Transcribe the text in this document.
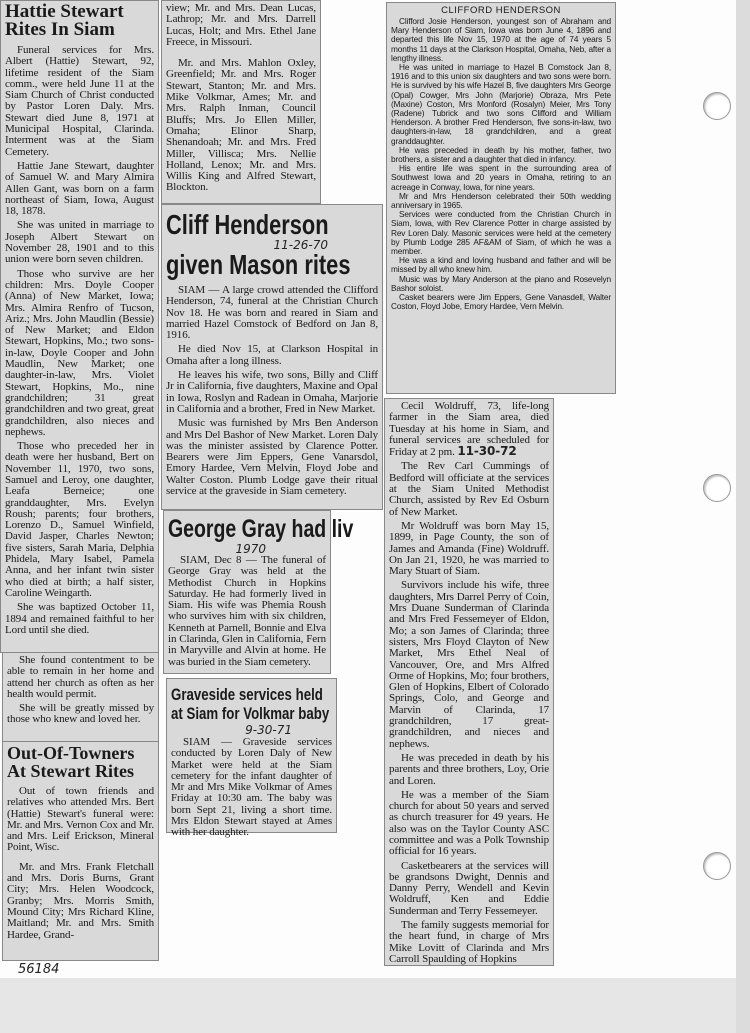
Hattie Stewart
Rites In Siam

Funeral services for Mrs. Albert (Hattie) Stewart, 92, lifetime resident of the Siam comm., were held June 11 at the Siam Church of Christ conducted by Pastor Loren Daly. Mrs. Stewart died June 8, 1971 at Municipal Hospital, Clarinda. Interment was at the Siam Cemetery.

Hattie Jane Stewart, daughter of Samuel W. and Mary Almira Allen Gant, was born on a farm northeast of Siam, Iowa, August 18, 1878.

She was united in marriage to Joseph Albert Stewart on November 28, 1901 and to this union were born seven children.

Those who survive are her children: Mrs. Doyle Cooper (Anna) of New Market, Iowa; Mrs. Almira Renfro of Tucson, Ariz.; Mrs. John Maudlin (Bessie) of New Market; and Eldon Stewart, Hopkins, Mo.; two sons-in-law, Doyle Cooper and John Maudlin, New Market; one daughter-in-law, Mrs. Violet Stewart, Hopkins, Mo., nine grandchildren; 31 great grandchildren and two great, great grandchildren, also nieces and nephews.

Those who preceded her in death were her husband, Bert on November 11, 1970, two sons, Samuel and Leroy, one daughter, Leafa Berneice; one granddaughter, Mrs. Evelyn Roush; parents; four brothers, Lorenzo D., Samuel Winfield, David Jasper, Charles Newton; five sisters, Sarah Maria, Delphia Phidela, Mary Isabel, Pamela Anna, and her infant twin sister who died at birth; a half sister, Caroline Weingarth.

She was baptized October 11, 1894 and remained faithful to her Lord until she died.

She found contentment to be able to remain in her home and attend her church as often as her health would permit.

She will be greatly missed by those who knew and loved her.

Out-Of-Towners
At Stewart Rites

Out of town friends and relatives who attended Mrs. Bert (Hattie) Stewart's funeral were: Mr. and Mrs. Vernon Cox and Mr. and Mrs. Leif Erickson, Mineral Point, Wisc.

Mr. and Mrs. Frank Fletchall and Mrs. Doris Burns, Grant City; Mrs. Helen Woodcock, Granby; Mrs. Morris Smith, Mound City; Mrs Richard Kline, Maitland; Mr. and Mrs. Smith Hardee, Grand-

56184

view; Mr. and Mrs. Dean Lucas, Lathrop; Mr. and Mrs. Darrell Lucas, Holt; and Mrs. Ethel Jane Freece, in Missouri.

Mr. and Mrs. Mahlon Oxley, Greenfield; Mr. and Mrs. Roger Stewart, Stanton; Mr. and Mrs. Mike Volkmar, Ames; Mr. and Mrs. Ralph Inman, Council Bluffs; Mrs. Jo Ellen Miller, Omaha; Elinor Sharp, Shenandoah; Mr. and Mrs. Fred Miller, Villisca; Mrs. Nellie Holland, Lenox; Mr. and Mrs. Willis King and Alfred Stewart, Blockton.

Cliff Henderson
11-26-70
given Mason rites

SIAM — A large crowd attended the Clifford Henderson, 74, funeral at the Christian Church Nov 18. He was born and reared in Siam and married Hazel Comstock of Bedford on Jan 8, 1916.

He died Nov 15, at Clarkson Hospital in Omaha after a long illness.

He leaves his wife, two sons, Billy and Cliff Jr in California, five daughters, Maxine and Opal in Iowa, Roslyn and Radean in Omaha, Marjorie in California and a brother, Fred in New Market.

Music was furnished by Mrs Ben Anderson and Mrs Del Bashor of New Market. Loren Daly was the minister assisted by Clarence Potter. Bearers were Jim Eppers, Gene Vanarsdol, Emory Hardee, Vern Melvin, Floyd Jobe and Walter Coston. Plumb Lodge gave their ritual service at the graveside in Siam cemetery.

George Gray had liv
1970

SIAM, Dec 8 — The funeral of George Gray was held at the Methodist Church in Hopkins Saturday. He had formerly lived in Siam. His wife was Phemia Roush who survives him with six children, Kenneth at Parnell, Bonnie and Elva in Clarinda, Glen in California, Fern in Maryville and Alvin at home. He was buried in the Siam cemetery.

Graveside services held
at Siam for Volkmar baby
9-30-71

SIAM — Graveside services conducted by Loren Daly of New Market were held at the Siam cemetery for the infant daughter of Mr and Mrs Mike Volkmar of Ames Friday at 10:30 am. The baby was born Sept 21, living a short time. Mrs Eldon Stewart stayed at Ames with her daughter.

CLIFFORD HENDERSON

Clifford Josie Henderson, youngest son of Abraham and Mary Henderson of Siam, Iowa was born June 4, 1896 and departed this life Nov 15, 1970 at the age of 74 years 5 months 11 days at the Clarkson Hospital, Omaha, Neb, after a lengthy illness.

He was united in marriage to Hazel B Comstock Jan 8, 1916 and to this union six daughters and two sons were born. He is survived by his wife Hazel B, five daughters Mrs George (Opal) Cowger, Mrs John (Marjorie) Obraza, Mrs Pete (Maxine) Coston, Mrs Monford (Rosalyn) Meier, Mrs Tony (Radene) Tubrick and two sons Clifford and William Henderson. A brother Fred Henderson, five sons-in-law, two daughters-in-law, 18 grandchildren, and a great granddaughter.

He was preceded in death by his mother, father, two brothers, a sister and a daughter that died in infancy.

His entire life was spent in the surrounding area of Southwest Iowa and 20 years in Omaha, retiring to an acreage in Conway, Iowa, for nine years.

Mr and Mrs Henderson celebrated their 50th wedding anniversary in 1965.

Services were conducted from the Christian Church in Siam, Iowa, with Rev Clarence Potter in charge assisted by Rev Loren Daly. Masonic services were held at the cemetery by Plumb Lodge 285 AF&AM of Siam, of which he was a member.

He was a kind and loving husband and father and will be missed by all who knew him.

Music was by Mary Anderson at the piano and Rosevelyn Bashor soloist.

Casket bearers were Jim Eppers, Gene Vanasdell, Walter Coston, Floyd Jobe, Emory Hardee, Vern Melvin.

Cecil Woldruff, 73, life-long farmer in the Siam area, died Tuesday at his home in Siam, and funeral services are scheduled for Friday at 2 pm. 11-30-72

The Rev Carl Cummings of Bedford will officiate at the services at the Siam United Methodist Church, assisted by Rev Ed Osburn of New Market.

Mr Woldruff was born May 15, 1899, in Page County, the son of James and Amanda (Fine) Woldruff. On Jan 21, 1920, he was married to Mary Stuart of Siam.

Survivors include his wife, three daughters, Mrs Darrel Perry of Coin, Mrs Duane Sunderman of Clarinda and Mrs Fred Fessemeyer of Eldon, Mo; a son James of Clarinda; three sisters, Mrs Floyd Clayton of New Market, Mrs Ethel Neal of Vancouver, Ore, and Mrs Alfred Orme of Hopkins, Mo; four brothers, Glen of Hopkins, Elbert of Colorado Springs, Colo, and George and Marvin of Clarinda, 17 grandchildren, 17 great-grandchildren, and nieces and nephews.

He was preceded in death by his parents and three brothers, Loy, Orie and Loren.

He was a member of the Siam church for about 50 years and served as church treasurer for 49 years. He also was on the Taylor County ASC committee and was a Polk Township official for 16 years.

Casketbearers at the services will be grandsons Dwight, Dennis and Danny Perry, Wendell and Kevin Woldruff, Ken and Eddie Sunderman and Terry Fessemeyer.

The family suggests memorial for the heart fund, in charge of Mrs Mike Lovitt of Clarinda and Mrs Carroll Spaulding of Hopkins
